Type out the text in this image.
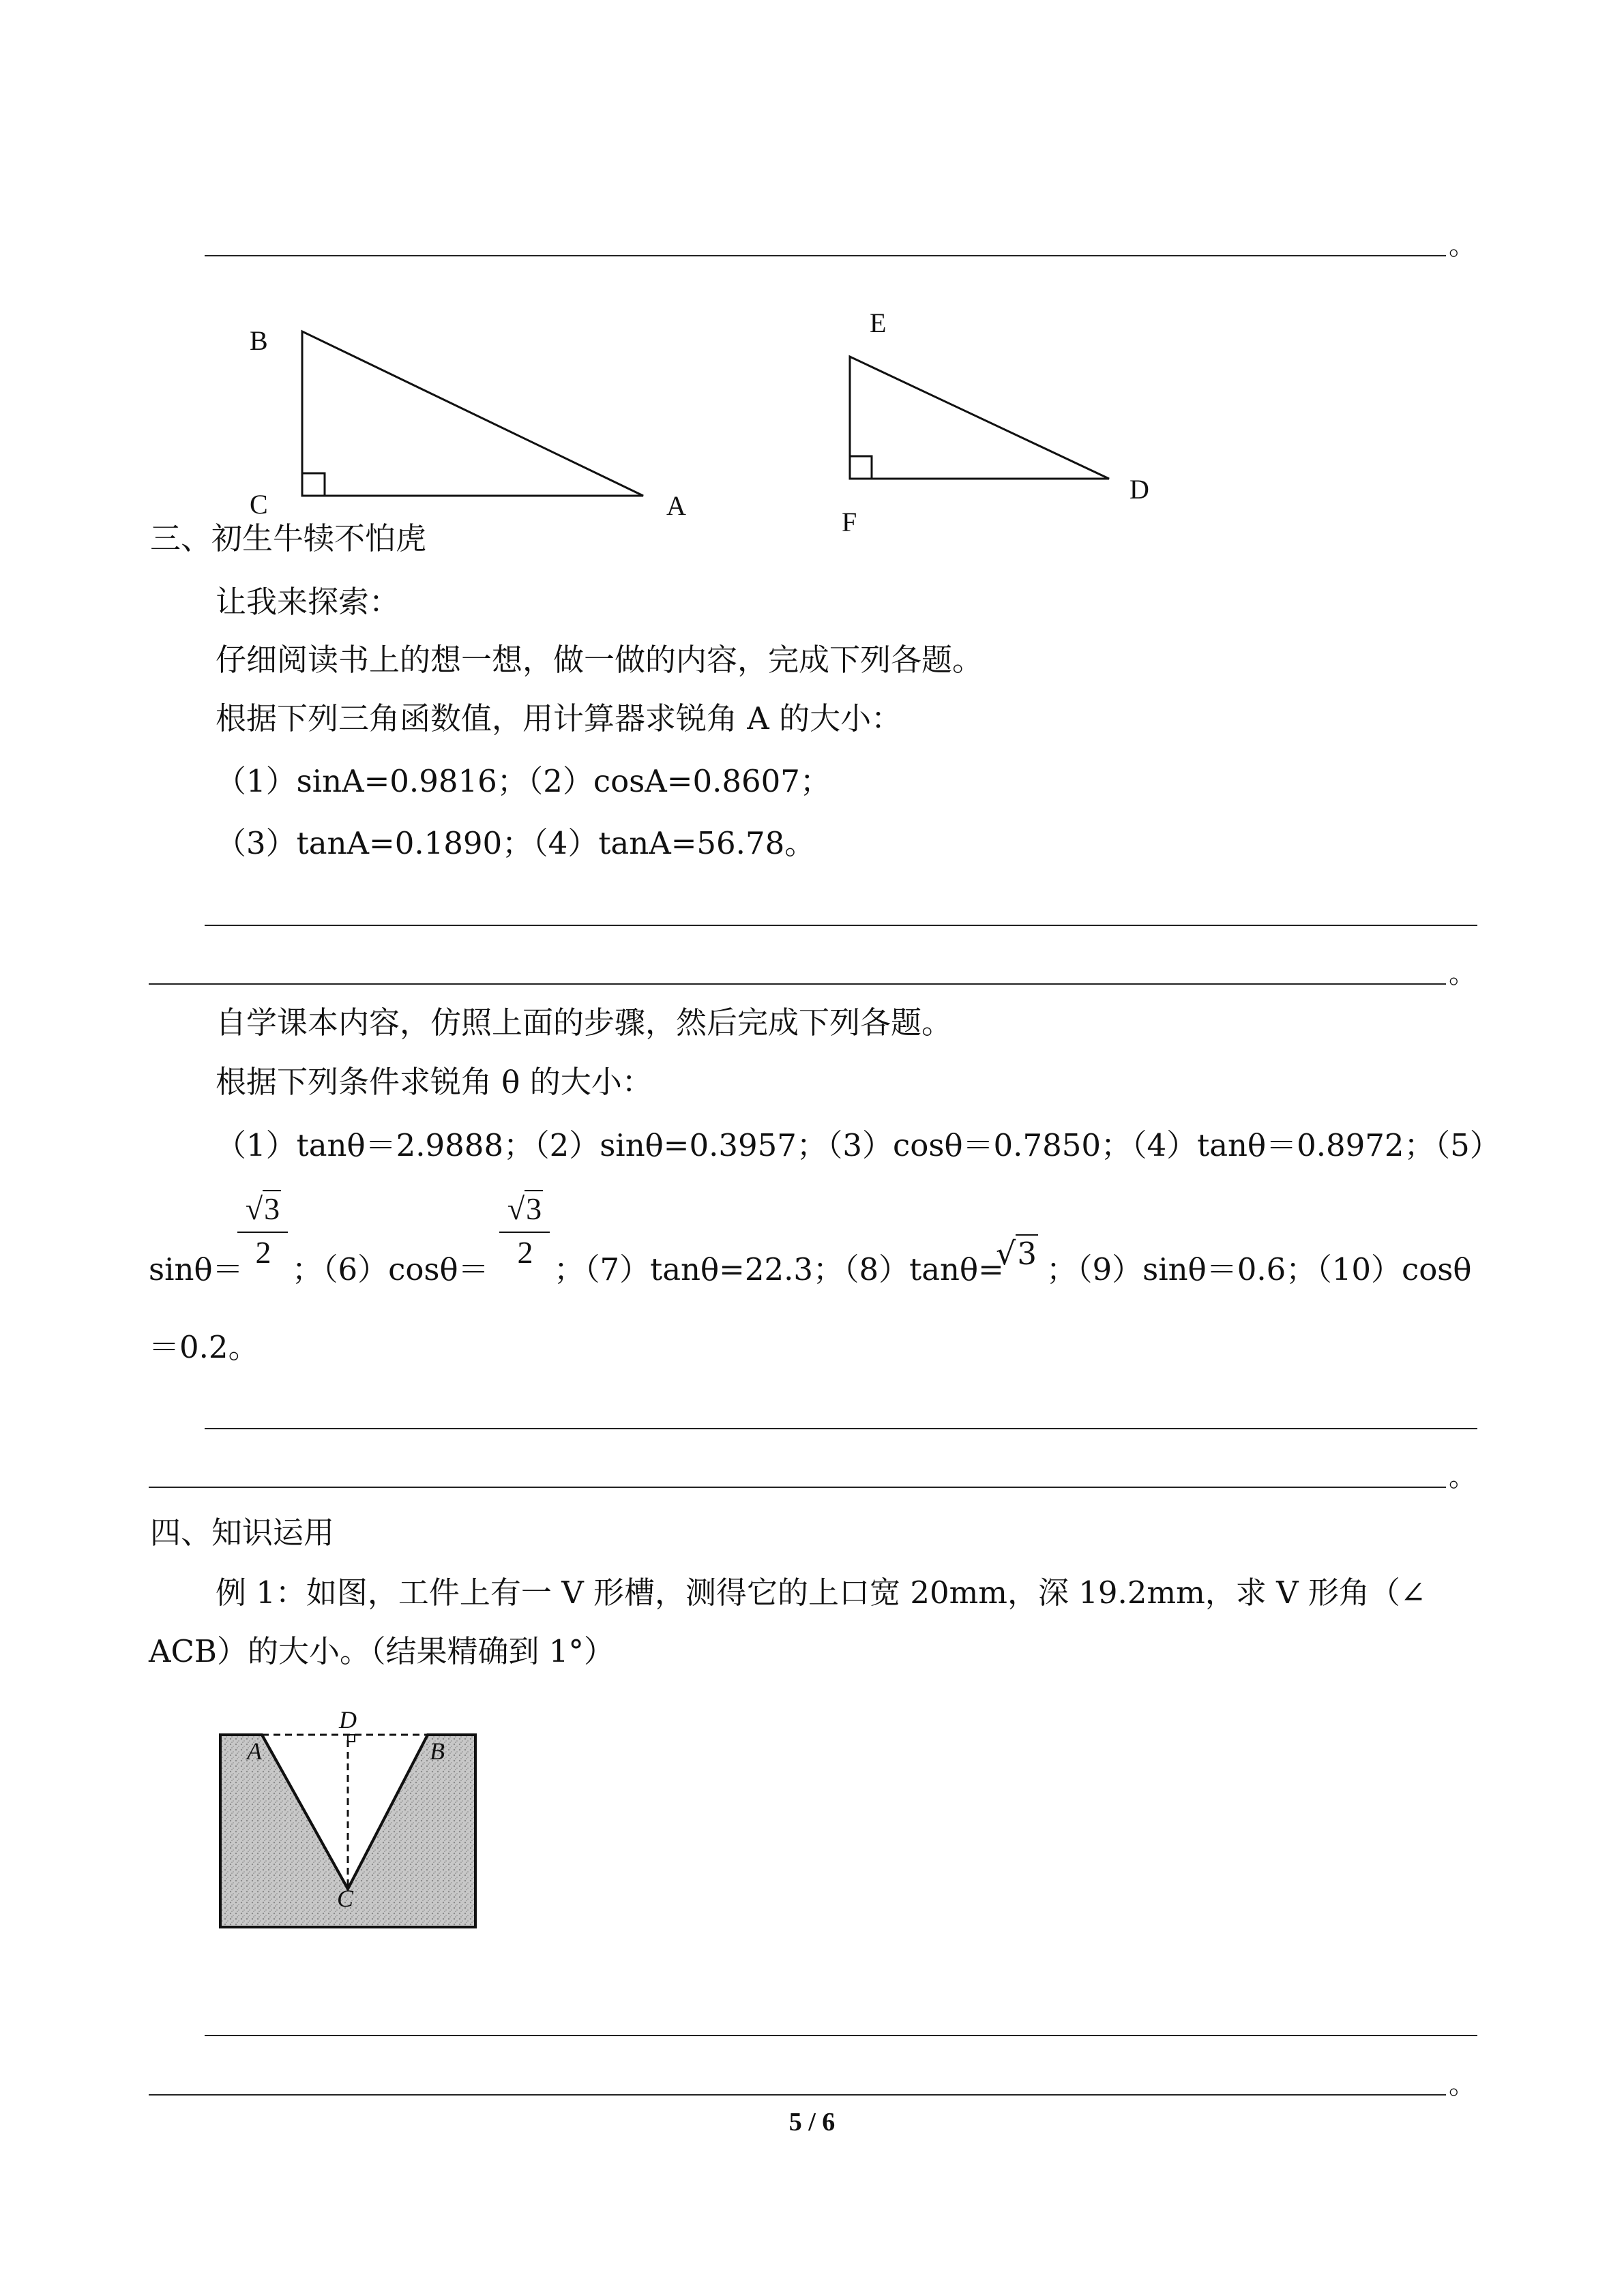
。
B
C	A
E
F
D
三、初生牛犊不怕虎
让我来探索：
仔细阅读书上的想一想，做一做的内容，完成下列各题。
根据下列三角函数值，用计算器求锐角 A 的大小：
（1）sinA=0.9816；（2）cosA=0.8607；
（3）tanA=0.1890；（4）tanA=56.78。
。
自学课本内容，仿照上面的步骤，然后完成下列各题。
根据下列条件求锐角 θ 的大小：
（1）tanθ＝2.9888；（2）sinθ=0.3957；（3）cosθ＝0.7850；（4）tanθ＝0.8972；（5）
sinθ＝
√3
2 ；（6）cosθ＝
√3
2 ；（7）tanθ=22.3；（8）tanθ=
√3 ；（9）sinθ＝0.6；（10）cosθ
＝0.2。
。
四、知识运用
例 1：如图，工件上有一 V 形槽，测得它的上口宽 20mm，深 19.2mm，求 V 形角（∠
ACB）的大小。（结果精确到 1°）
D
A	B
C
。
5 / 6
